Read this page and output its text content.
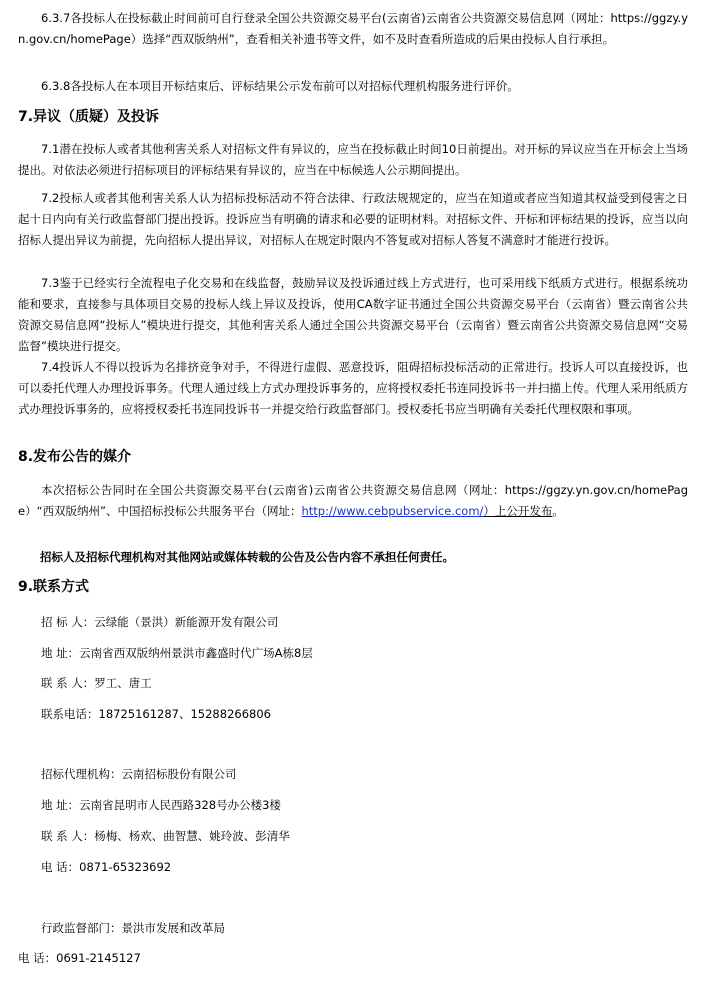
6.3.7各投标人在投标截止时间前可自行登录全国公共资源交易平台(云南省)云南省公共资源交易信息网（网址：https://ggzy.yn.gov.cn/homePage）选择“西双版纳州”，查看相关补遗书等文件，如不及时查看所造成的后果由投标人自行承担。

6.3.8各投标人在本项目开标结束后、评标结果公示发布前可以对招标代理机构服务进行评价。

7.异议（质疑）及投诉

7.1潜在投标人或者其他利害关系人对招标文件有异议的，应当在投标截止时间10日前提出。对开标的异议应当在开标会上当场提出。对依法必须进行招标项目的评标结果有异议的，应当在中标候选人公示期间提出。

7.2投标人或者其他利害关系人认为招标投标活动不符合法律、行政法规规定的，应当在知道或者应当知道其权益受到侵害之日起十日内向有关行政监督部门提出投诉。投诉应当有明确的请求和必要的证明材料。对招标文件、开标和评标结果的投诉，应当以向招标人提出异议为前提，先向招标人提出异议，对招标人在规定时限内不答复或对招标人答复不满意时才能进行投诉。

7.3鉴于已经实行全流程电子化交易和在线监督，鼓励异议及投诉通过线上方式进行，也可采用线下纸质方式进行。根据系统功能和要求，直接参与具体项目交易的投标人线上异议及投诉，使用CA数字证书通过全国公共资源交易平台（云南省）暨云南省公共资源交易信息网“投标人”模块进行提交，其他利害关系人通过全国公共资源交易平台（云南省）暨云南省公共资源交易信息网“交易监督”模块进行提交。

7.4投诉人不得以投诉为名排挤竞争对手，不得进行虚假、恶意投诉，阻碍招标投标活动的正常进行。投诉人可以直接投诉，也可以委托代理人办理投诉事务。代理人通过线上方式办理投诉事务的，应将授权委托书连同投诉书一并扫描上传。代理人采用纸质方式办理投诉事务的，应将授权委托书连同投诉书一并提交给行政监督部门。授权委托书应当明确有关委托代理权限和事项。

8.发布公告的媒介

本次招标公告同时在全国公共资源交易平台(云南省)云南省公共资源交易信息网（网址：https://ggzy.yn.gov.cn/homePage）“西双版纳州”、中国招标投标公共服务平台（网址：http://www.cebpubservice.com/）上公开发布。

招标人及招标代理机构对其他网站或媒体转载的公告及公告内容不承担任何责任。

9.联系方式

招 标 人：云绿能（景洪）新能源开发有限公司

地 址：云南省西双版纳州景洪市鑫盛时代广场A栋8层

联 系 人：罗工、唐工

联系电话：18725161287、15288266806

招标代理机构：云南招标股份有限公司

地 址：云南省昆明市人民西路328号办公楼3楼

联 系 人：杨梅、杨欢、曲智慧、姚玲波、彭清华

电 话：0871-65323692

行政监督部门：景洪市发展和改革局

电 话：0691-2145127
